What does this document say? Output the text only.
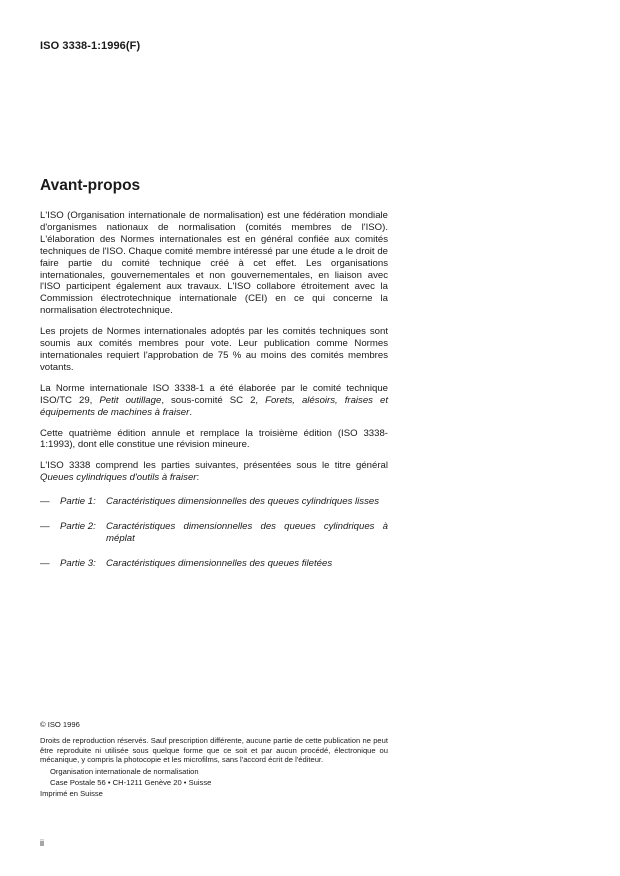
ISO 3338-1:1996(F)
Avant-propos

L'ISO (Organisation internationale de normalisation) est une fédération mondiale d'organismes nationaux de normalisation (comités membres de l'ISO). L'élaboration des Normes internationales est en général confiée aux comités techniques de l'ISO. Chaque comité membre intéressé par une étude a le droit de faire partie du comité technique créé à cet effet. Les organisations internationales, gouvernementales et non gouvernementales, en liaison avec l'ISO participent également aux travaux. L'ISO collabore étroitement avec la Commission électrotechnique internationale (CEI) en ce qui concerne la normalisation électrotechnique.

Les projets de Normes internationales adoptés par les comités techniques sont soumis aux comités membres pour vote. Leur publication comme Normes internationales requiert l'approbation de 75 % au moins des comités membres votants.

La Norme internationale ISO 3338-1 a été élaborée par le comité technique ISO/TC 29, Petit outillage, sous-comité SC 2, Forets, alésoirs, fraises et équipements de machines à fraiser.

Cette quatrième édition annule et remplace la troisième édition (ISO 3338-1:1993), dont elle constitue une révision mineure.

L'ISO 3338 comprend les parties suivantes, présentées sous le titre général Queues cylindriques d'outils à fraiser:

—	Partie 1:	Caractéristiques dimensionnelles des queues cylindriques lisses
—	Partie 2:	Caractéristiques dimensionnelles des queues cylindriques à méplat
—	Partie 3:	Caractéristiques dimensionnelles des queues filetées
© ISO 1996
Droits de reproduction réservés. Sauf prescription différente, aucune partie de cette publication ne peut être reproduite ni utilisée sous quelque forme que ce soit et par aucun procédé, électronique ou mécanique, y compris la photocopie et les microfilms, sans l'accord écrit de l'éditeur.
Organisation internationale de normalisation
Case Postale 56 • CH-1211 Genève 20 • Suisse
Imprimé en Suisse
ii
